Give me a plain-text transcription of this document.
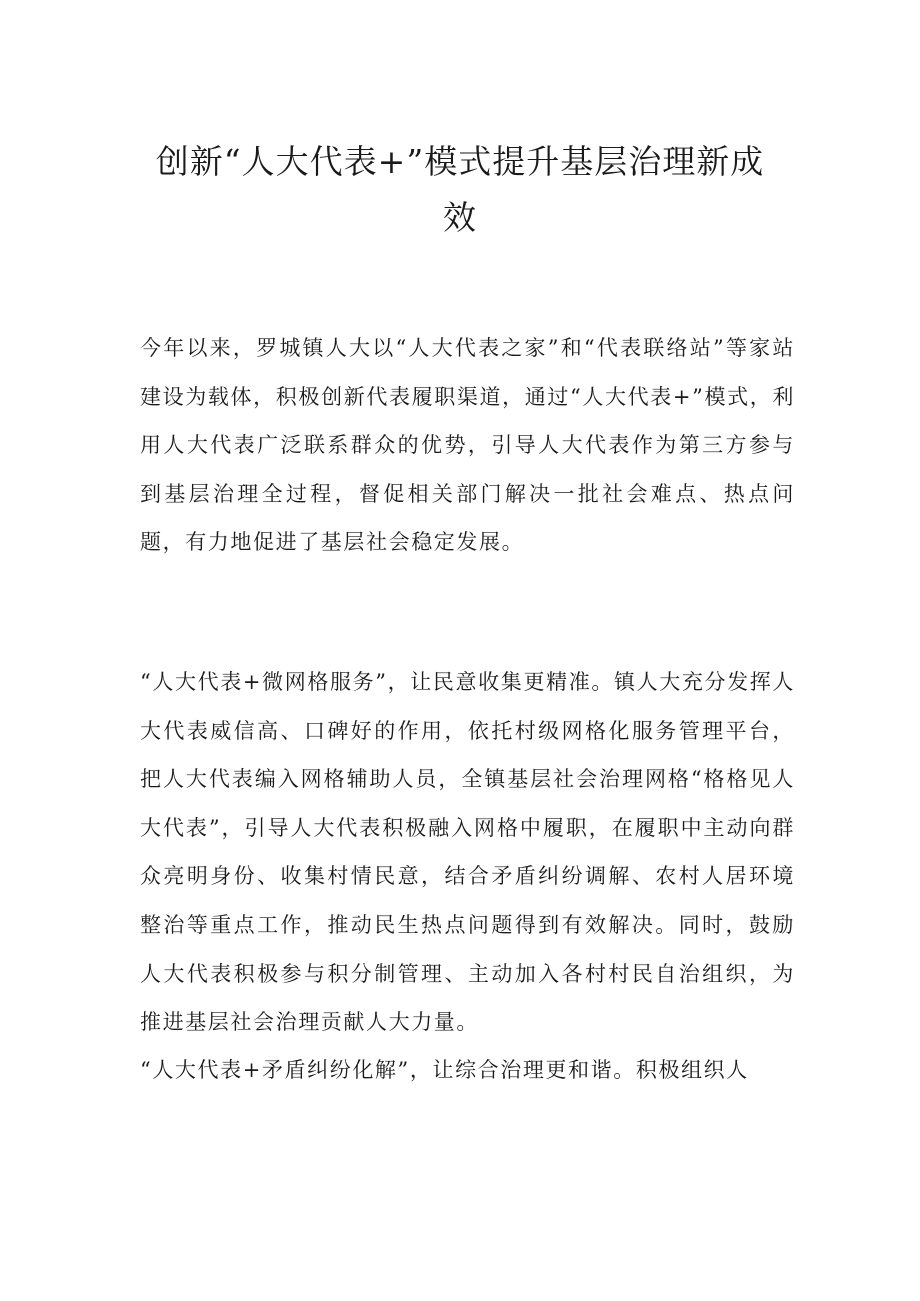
创新“人大代表+”模式提升基层治理新成效

今年以来，罗城镇人大以“人大代表之家”和“代表联络站”等家站建设为载体，积极创新代表履职渠道，通过“人大代表+”模式，利用人大代表广泛联系群众的优势，引导人大代表作为第三方参与到基层治理全过程，督促相关部门解决一批社会难点、热点问题，有力地促进了基层社会稳定发展。

“人大代表+微网格服务”，让民意收集更精准。镇人大充分发挥人大代表威信高、口碑好的作用，依托村级网格化服务管理平台，把人大代表编入网格辅助人员，全镇基层社会治理网格“格格见人大代表”，引导人大代表积极融入网格中履职，在履职中主动向群众亮明身份、收集村情民意，结合矛盾纠纷调解、农村人居环境整治等重点工作，推动民生热点问题得到有效解决。同时，鼓励人大代表积极参与积分制管理、主动加入各村村民自治组织，为推进基层社会治理贡献人大力量。

“人大代表+矛盾纠纷化解”，让综合治理更和谐。积极组织人
